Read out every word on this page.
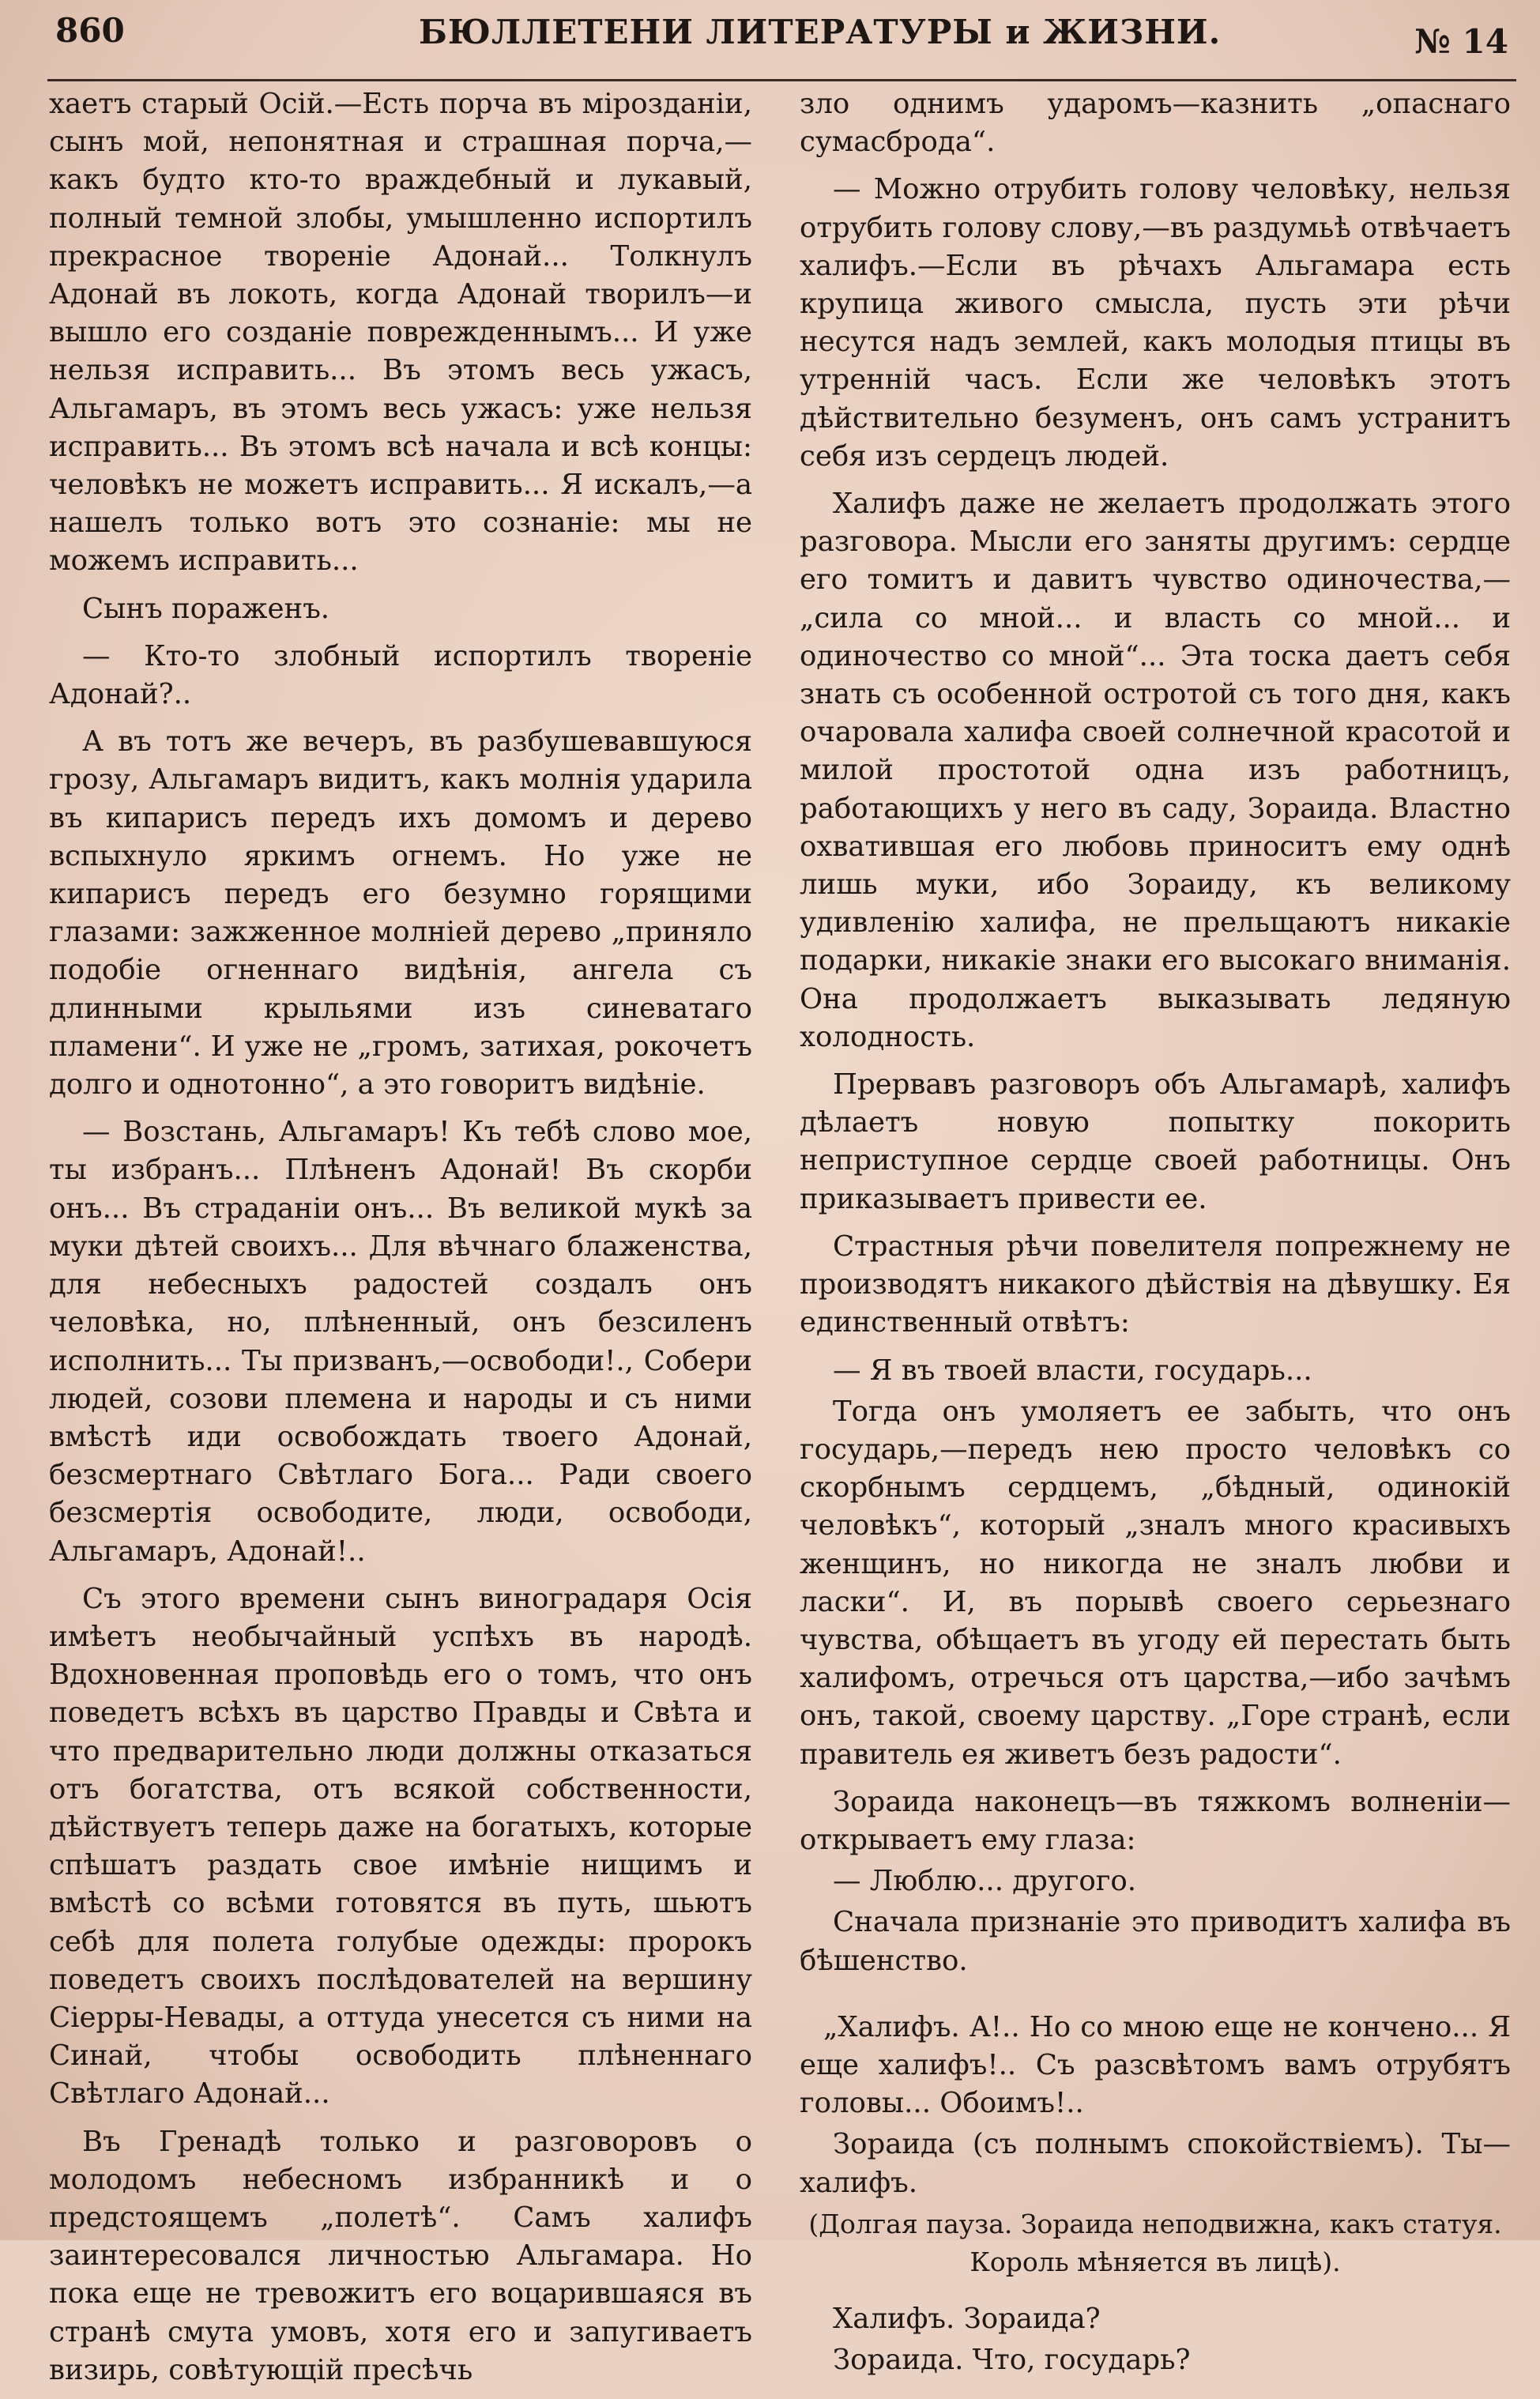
860	БЮЛЛЕТЕНИ ЛИТЕРАТУРЫ и ЖИЗНИ.	№ 14

хаетъ старый Осій.—Есть порча въ мірозданіи, сынъ мой, непонятная и страшная порча,—какъ будто кто-то враждебный и лукавый, полный темной злобы, умышленно испортилъ прекрасное твореніе Адонай... Толкнулъ Адонай въ локоть, когда Адонай творилъ—и вышло его созданіе поврежденнымъ... И уже нельзя исправить... Въ этомъ весь ужасъ, Альгамаръ, въ этомъ весь ужасъ: уже нельзя исправить... Въ этомъ всѣ начала и всѣ концы: человѣкъ не можетъ исправить... Я искалъ,—а нашелъ только вотъ это сознаніе: мы не можемъ исправить...

Сынъ пораженъ.

— Кто-то злобный испортилъ твореніе Адонай?..

А въ тотъ же вечеръ, въ разбушевавшуюся грозу, Альгамаръ видитъ, какъ молнія ударила въ кипарисъ передъ ихъ домомъ и дерево вспыхнуло яркимъ огнемъ. Но уже не кипарисъ передъ его безумно горящими глазами: зажженное молніей дерево „приняло подобіе огненнаго видѣнія, ангела съ длинными крыльями изъ синеватаго пламени“. И уже не „громъ, затихая, рокочетъ долго и однотонно“, а это говоритъ видѣніе.

— Возстань, Альгамаръ! Къ тебѣ слово мое, ты избранъ... Плѣненъ Адонай! Въ скорби онъ... Въ страданіи онъ... Въ великой мукѣ за муки дѣтей своихъ... Для вѣчнаго блаженства, для небесныхъ радостей создалъ онъ человѣка, но, плѣненный, онъ безсиленъ исполнить... Ты призванъ,—освободи!., Собери людей, созови племена и народы и съ ними вмѣстѣ иди освобождать твоего Адонай, безсмертнаго Свѣтлаго Бога... Ради своего безсмертія освободите, люди, освободи, Альгамаръ, Адонай!..

Съ этого времени сынъ виноградаря Осія имѣетъ необычайный успѣхъ въ народѣ. Вдохновенная проповѣдь его о томъ, что онъ поведетъ всѣхъ въ царство Правды и Свѣта и что предварительно люди должны отказаться отъ богатства, отъ всякой собственности, дѣйствуетъ теперь даже на богатыхъ, которые спѣшатъ раздать свое имѣніе нищимъ и вмѣстѣ со всѣми готовятся въ путь, шьютъ себѣ для полета голубые одежды: пророкъ поведетъ своихъ послѣдователей на вершину Сіерры-Невады, а оттуда унесется съ ними на Синай, чтобы освободить плѣненнаго Свѣтлаго Адонай...

Въ Гренадѣ только и разговоровъ о молодомъ небесномъ избранникѣ и о предстоящемъ „полетѣ“. Самъ халифъ заинтересовался личностью Альгамара. Но пока еще не тревожитъ его воцарившаяся въ странѣ смута умовъ, хотя его и запугиваетъ визирь, совѣтующій пресѣчь

зло однимъ ударомъ—казнить „опаснаго сумасброда“.

— Можно отрубить голову человѣку, нельзя отрубить голову слову,—въ раздумьѣ отвѣчаетъ халифъ.—Если въ рѣчахъ Альгамара есть крупица живого смысла, пусть эти рѣчи несутся надъ землей, какъ молодыя птицы въ утренній часъ. Если же человѣкъ этотъ дѣйствительно безуменъ, онъ самъ устранитъ себя изъ сердецъ людей.

Халифъ даже не желаетъ продолжать этого разговора. Мысли его заняты другимъ: сердце его томитъ и давитъ чувство одиночества,—„сила со мной... и власть со мной... и одиночество со мной“... Эта тоска даетъ себя знать съ особенной остротой съ того дня, какъ очаровала халифа своей солнечной красотой и милой простотой одна изъ работницъ, работающихъ у него въ саду, Зораида. Властно охватившая его любовь приноситъ ему однѣ лишь муки, ибо Зораиду, къ великому удивленію халифа, не прельщаютъ никакіе подарки, никакіе знаки его высокаго вниманія. Она продолжаетъ выказывать ледяную холодность.

Прервавъ разговоръ объ Альгамарѣ, халифъ дѣлаетъ новую попытку покорить неприступное сердце своей работницы. Онъ приказываетъ привести ее.

Страстныя рѣчи повелителя попрежнему не производятъ никакого дѣйствія на дѣвушку. Ея единственный отвѣтъ:

— Я въ твоей власти, государь...

Тогда онъ умоляетъ ее забыть, что онъ государь,—передъ нею просто человѣкъ со скорбнымъ сердцемъ, „бѣдный, одинокій человѣкъ“, который „зналъ много красивыхъ женщинъ, но никогда не зналъ любви и ласки“. И, въ порывѣ своего серьезнаго чувства, обѣщаетъ въ угоду ей перестать быть халифомъ, отречься отъ царства,—ибо зачѣмъ онъ, такой, своему царству. „Горе странѣ, если правитель ея живетъ безъ радости“.

Зораида наконецъ—въ тяжкомъ волненіи—открываетъ ему глаза:

— Люблю... другого.

Сначала признаніе это приводитъ халифа въ бѣшенство.

„Халифъ. А!.. Но со мною еще не кончено... Я еще халифъ!.. Съ разсвѣтомъ вамъ отрубятъ головы... Обоимъ!..

Зораида (съ полнымъ спокойствіемъ). Ты—халифъ.

(Долгая пауза. Зораида неподвижна, какъ статуя. Король мѣняется въ лицѣ).

Халифъ. Зораида?

Зораида. Что, государь?
